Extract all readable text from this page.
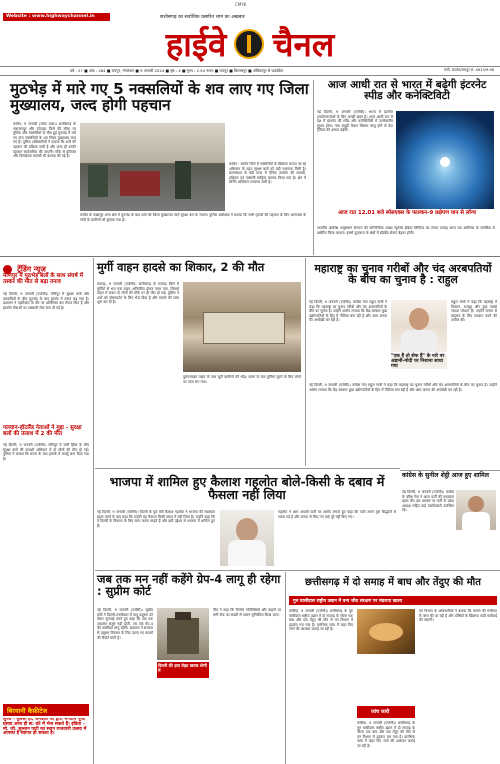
CMYK
Website : www.highwaychannel.in	छत्तीसगढ़ का सर्वाधिक प्रसारित शाम का अखबार
हाईवे चैनल
वर्ष : 27 ■ अंक : 284 ■ रायपुर, मंगलवार ■ 9 जनवरी 2024 ■ पृष्ठ : 4 ■ मूल्य : 2.50 रूपए ■ रायपुर ■ बिलासपुर ■ अंबिकापुर से प्रकाशित	पंजी. क्रमांक/रायपुर सं. 4613/9-98
मुठभेड़ में मारे गए 5 नक्सलियों के शव लाए गए जिला मुख्यालय, जल्द होगी पहचान
कांकेर, 9 जनवरी (लोक प्रजा)। छत्तीसगढ़ के नारायणपुर और दंतेवाड़ा जिले की सीमा पर पुलिस और नक्सलियों के बीच हुई मुठभेड़ में मारे गए पांच नक्सलियों के शव जिला मुख्यालय लाए गए हैं। पुलिस अधिकारियों ने बताया कि शवों की पहचान की प्रक्रिया जारी है और जल्द ही उनकी पहचान सार्वजनिक की जाएगी। मौके से हथियार और विस्फोटक सामग्री भी बरामद की गई है।
कांकेर : कांकेर जिले में नक्सलियों के खिलाफ चलाए जा रहे अभियान के तहत सुरक्षा बलों को बड़ी सफलता मिली है। घटनास्थल से बड़ी मात्रा में दैनिक उपयोग की सामग्री, हथियार एवं नक्सली साहित्य बरामद किया गया है। क्षेत्र में सर्चिंग अभियान लगातार जारी है।
कांकेर के पखांजूर थाना क्षेत्र में मुठभेड़ के बाद शवों को जिला मुख्यालय लाते सुरक्षा बल के जवान। पुलिस अधीक्षक ने बताया कि सभी मृतकों की पहचान के लिए आसपास के गांवों के ग्रामीणों को बुलाया गया है।
आज आधी रात से भारत में बढ़ेगी इंटरनेट स्पीड और कनेक्टिविटी
नई दिल्ली, 9 जनवरी (एजेंसी)। भारत में इंटरनेट उपयोगकर्ताओं के लिए अच्छी खबर है। आज आधी रात से देश में इंटरनेट की स्पीड और कनेक्टिविटी में उल्लेखनीय सुधार होगा। नया समुद्री केबल सिस्टम चालू होने से डेटा ट्रैफिक की क्षमता बढ़ेगी।
आज रात 12.01 बजे स्पेसएक्स के फाल्कन-9 प्रक्षेपण यान से लॉन्च
भारतीय अंतरिक्ष अनुसंधान संगठन की वाणिज्यिक शाखा न्यूस्पेस इंडिया लिमिटेड का संचार उपग्रह आज रात अमेरिका के फ्लोरिडा से प्रक्षेपित किया जाएगा। इससे दूरदराज के क्षेत्रों में ब्रॉडबैंड सेवाएं बेहतर होंगी।
ट्रेंडिंग न्यूज़
मणिपुर में मुठभेड़ बलों के साथ संघर्ष में तस्कर की मौत से बढ़ा तनाव
नई दिल्ली, 9 जनवरी (एजेंसी)। मणिपुर में सुरक्षा बलों और उग्रवादियों के बीच मुठभेड़ के बाद इलाके में तनाव बढ़ गया है। प्रशासन ने एहतियात के तौर पर अतिरिक्त बल तैनात किए हैं और इंटरनेट सेवाओं पर अस्थायी रोक लगा दी गई है।
गलवान-हॉटलैंड नेताओं ने मुद्दा - सुरक्षा बलों की तलाश में 2 की मौत
नई दिल्ली, 9 जनवरी (एजेंसी)। मणिपुर में जारी हिंसा के बीच सुरक्षा बलों की तलाशी अभियान में दो लोगों की मौत हो गई। पुलिस ने बताया कि घटना के बाद इलाके में कर्फ्यू लगा दिया गया है।
बिरयानी कैफ़ीटेज
सुरज - तुलसी हो, जगन्नाथ जी द्वारा भगवान पूजा प्रसाद आज ही छ: घंटे में भेज सकते हैं। इंडिया - मो. जी. सुल्तान पाटी का स्थान राजधानी उत्सव में आपका है स्वागत हो सकता है।
मुर्गी वाहन हादसे का शिकार, 2 की मौत
रायगढ़, 9 जनवरी (एजेंसी)। छत्तीसगढ़ के रायगढ़ जिले में मुर्गियों से भरा एक वाहन अनियंत्रित होकर पलट गया, जिससे वाहन में सवार दो लोगों की मौके पर ही मौत हो गई। पुलिस ने शवों को पोस्टमार्टम के लिए भेज दिया है और मामले की जांच शुरू कर दी है।
दुर्घटनाग्रस्त वाहन के पास जुटी ग्रामीणों की भीड़। घटना के बाद मुर्गियां लूटने के लिए लोगों का तांता लग गया।
महाराष्ट्र का चुनाव गरीबों और चंद अरबपतियों के बीच का चुनाव है : राहुल
नई दिल्ली, 9 जनवरी (एजेंसी)। कांग्रेस नेता राहुल गांधी ने कहा कि महाराष्ट्र का चुनाव गरीबों और चंद अरबपतियों के बीच का चुनाव है। उन्होंने आरोप लगाया कि केंद्र सरकार कुछ उद्योगपतियों के हित में नीतियां बना रही है और आम जनता की अनदेखी कर रही है।
राहुल गांधी ने कहा कि महाराष्ट्र में किसान, मजदूर और युवा सबसे ज्यादा परेशान हैं। उन्होंने जनता से बदलाव के लिए मतदान करने की अपील की।
"एक हैं तो सेफ हैं" के नारे पर अडानी-मोदी पर निशाना साधा गया
नई दिल्ली, 9 जनवरी (एजेंसी)। कांग्रेस नेता राहुल गांधी ने कहा कि महाराष्ट्र का चुनाव गरीबों और चंद अरबपतियों के बीच का चुनाव है। उन्होंने आरोप लगाया कि केंद्र सरकार कुछ उद्योगपतियों के हित में नीतियां बना रही है और आम जनता की अनदेखी कर रही है।
कांग्रेस के सुनील शेट्ठी आज हुए शामिल
नई दिल्ली, 9 जनवरी (एजेंसी)। कांग्रेस के वरिष्ठ नेता ने आज पार्टी की सदस्यता ग्रहण की। इस अवसर पर पार्टी के प्रदेश अध्यक्ष सहित कई पदाधिकारी उपस्थित रहे।
भाजपा में शामिल हुए कैलाश गहलोत बोले-किसी के दबाव में फैसला नहीं लिया
नई दिल्ली, 9 जनवरी (एजेंसी)। दिल्ली के पूर्व मंत्री कैलाश गहलोत ने भाजपा की सदस्यता ग्रहण करने के बाद कहा कि उन्होंने यह फैसला किसी दबाव में नहीं लिया है। उन्होंने कहा कि वे दिल्ली के विकास के लिए काम करना चाहते हैं और इसी उद्देश्य से भाजपा में शामिल हुए हैं।
गहलोत ने आम आदमी पार्टी पर आरोप लगाते हुए कहा कि पार्टी अपने मूल सिद्धांतों से भटक गई है और जनता से किए गए वादे पूरे नहीं किए गए।
जब तक मन नहीं कहेंगे ग्रेप-4 लागू ही रहेगा : सुप्रीम कोर्ट
नई दिल्ली, 9 जनवरी (एजेंसी)। सुप्रीम कोर्ट ने दिल्ली-एनसीआर में वायु प्रदूषण को लेकर सुनवाई करते हुए कहा कि जब तक अदालत संतुष्ट नहीं होती, तब तक ग्रेप-4 की पाबंदियां लागू रहेंगी। अदालत ने सरकार से प्रदूषण नियंत्रण के लिए उठाए गए कदमों की रिपोर्ट मांगी है।
दिल्ली की हवा बेहद खराब श्रेणी में
पीठ ने कहा कि निर्माण गतिविधियों और वाहनों पर लगी रोक का सख्ती से पालन सुनिश्चित किया जाए।
छत्तीसगढ़ में दो समाह में बाघ और तेंदुए की मौत
गुरु घासीदास राष्ट्रीय उद्यान में वन्य जीव संरक्षण पर मंडराया खतरा
कोरिया, 9 जनवरी (एजेंसी)। छत्तीसगढ़ के गुरु घासीदास राष्ट्रीय उद्यान में दो सप्ताह के भीतर एक बाघ और एक तेंदुए की मौत से वन विभाग में हड़कंप मच गया है। प्रारंभिक जांच में जहर दिए जाने की आशंका जताई जा रही है।
वन विभाग के अधिकारियों ने बताया कि मामले की गंभीरता से जांच की जा रही है और दोषियों के खिलाफ कड़ी कार्रवाई की जाएगी।
जांच जारी
कोरिया, 9 जनवरी (एजेंसी)। छत्तीसगढ़ के गुरु घासीदास राष्ट्रीय उद्यान में दो सप्ताह के भीतर एक बाघ और एक तेंदुए की मौत से वन विभाग में हड़कंप मच गया है। प्रारंभिक जांच में जहर दिए जाने की आशंका जताई जा रही है।
